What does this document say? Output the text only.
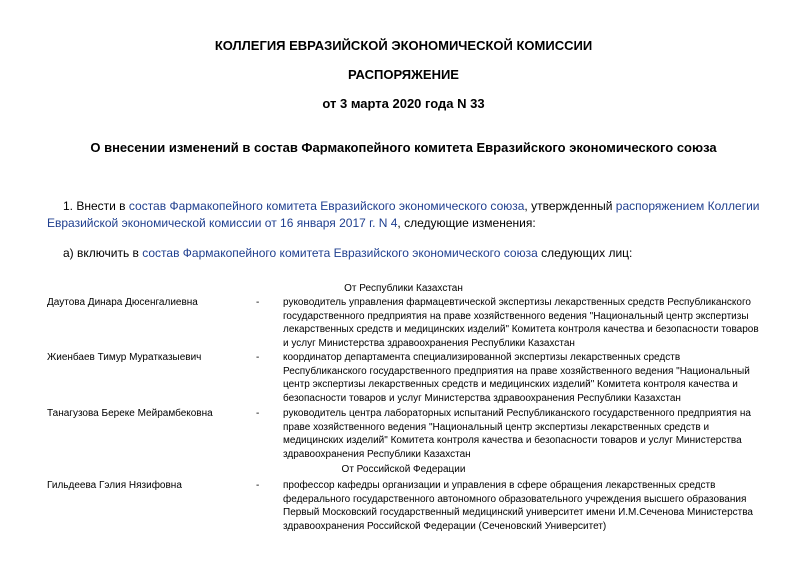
КОЛЛЕГИЯ ЕВРАЗИЙСКОЙ ЭКОНОМИЧЕСКОЙ КОМИССИИ
РАСПОРЯЖЕНИЕ
от 3 марта 2020 года N 33
О внесении изменений в состав Фармакопейного комитета Евразийского экономического союза
1. Внести в состав Фармакопейного комитета Евразийского экономического союза, утвержденный распоряжением Коллегии Евразийской экономической комиссии от 16 января 2017 г. N 4, следующие изменения:
а) включить в состав Фармакопейного комитета Евразийского экономического союза следующих лиц:
От Республики Казахстан
Даутова Динара Дюсенгалиевна	- руководитель управления фармацевтической экспертизы лекарственных средств Республиканского государственного предприятия на праве хозяйственного ведения "Национальный центр экспертизы лекарственных средств и медицинских изделий" Комитета контроля качества и безопасности товаров и услуг Министерства здравоохранения Республики Казахстан
Жиенбаев Тимур Муратказыевич	- координатор департамента специализированной экспертизы лекарственных средств Республиканского государственного предприятия на праве хозяйственного ведения "Национальный центр экспертизы лекарственных средств и медицинских изделий" Комитета контроля качества и безопасности товаров и услуг Министерства здравоохранения Республики Казахстан
Танагузова Береке Мейрамбековна	- руководитель центра лабораторных испытаний Республиканского государственного предприятия на праве хозяйственного ведения "Национальный центр экспертизы лекарственных средств и медицинских изделий" Комитета контроля качества и безопасности товаров и услуг Министерства здравоохранения Республики Казахстан
От Российской Федерации
Гильдеева Гэлия Нязифовна	- профессор кафедры организации и управления в сфере обращения лекарственных средств федерального государственного автономного образовательного учреждения высшего образования Первый Московский государственный медицинский университет имени И.М.Сеченова Министерства здравоохранения Российской Федерации (Сеченовский Университет)
